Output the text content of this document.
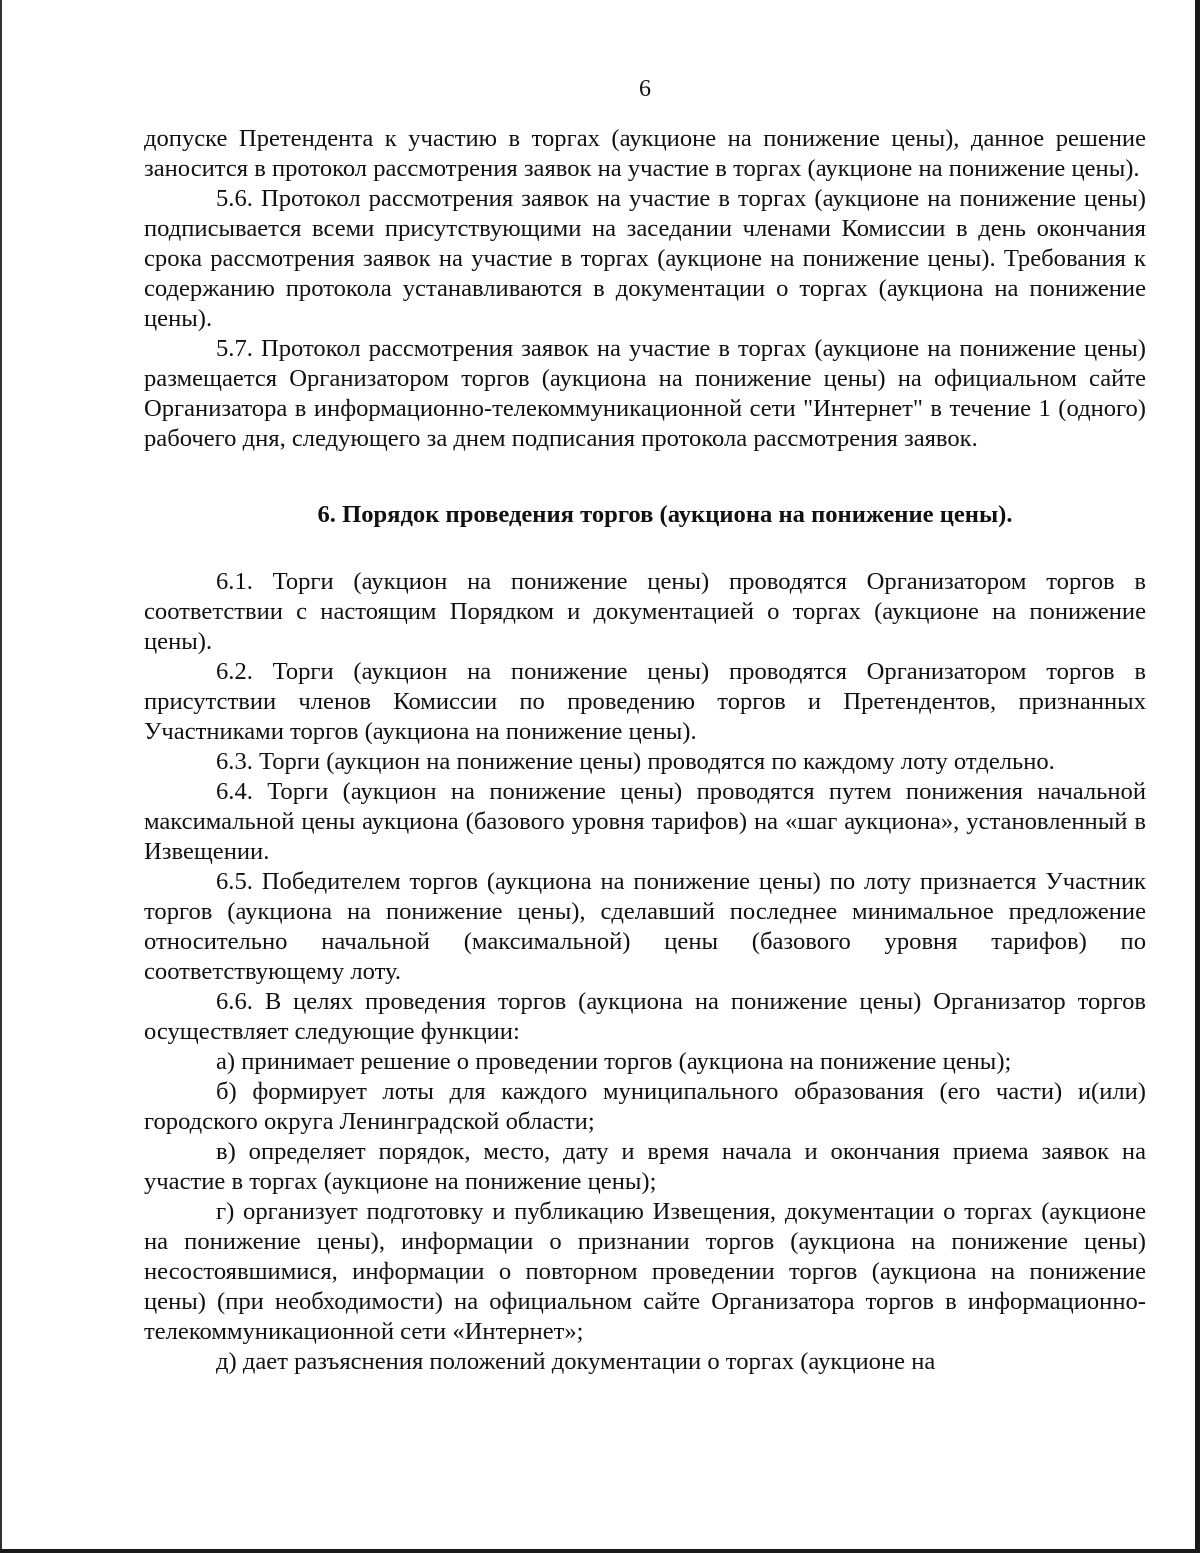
6

допуске Претендента к участию в торгах (аукционе на понижение цены), данное решение заносится в протокол рассмотрения заявок на участие в торгах (аукционе на понижение цены).

5.6. Протокол рассмотрения заявок на участие в торгах (аукционе на понижение цены) подписывается всеми присутствующими на заседании членами Комиссии в день окончания срока рассмотрения заявок на участие в торгах (аукционе на понижение цены). Требования к содержанию протокола устанавливаются в документации о торгах (аукциона на понижение цены).

5.7. Протокол рассмотрения заявок на участие в торгах (аукционе на понижение цены) размещается Организатором торгов (аукциона на понижение цены) на официальном сайте Организатора в информационно-телекоммуникационной сети "Интернет" в течение 1 (одного) рабочего дня, следующего за днем подписания протокола рассмотрения заявок.

6. Порядок проведения торгов (аукциона на понижение цены).

6.1. Торги (аукцион на понижение цены) проводятся Организатором торгов в соответствии с настоящим Порядком и документацией о торгах (аукционе на понижение цены).

6.2. Торги (аукцион на понижение цены) проводятся Организатором торгов в присутствии членов Комиссии по проведению торгов и Претендентов, признанных Участниками торгов (аукциона на понижение цены).

6.3. Торги (аукцион на понижение цены) проводятся по каждому лоту отдельно.

6.4. Торги (аукцион на понижение цены) проводятся путем понижения начальной максимальной цены аукциона (базового уровня тарифов) на «шаг аукциона», установленный в Извещении.

6.5. Победителем торгов (аукциона на понижение цены) по лоту признается Участник торгов (аукциона на понижение цены), сделавший последнее минимальное предложение относительно начальной (максимальной) цены (базового уровня тарифов) по соответствующему лоту.

6.6. В целях проведения торгов (аукциона на понижение цены) Организатор торгов осуществляет следующие функции:

а) принимает решение о проведении торгов (аукциона на понижение цены);

б) формирует лоты для каждого муниципального образования (его части) и(или) городского округа Ленинградской области;

в) определяет порядок, место, дату и время начала и окончания приема заявок на участие в торгах (аукционе на понижение цены);

г) организует подготовку и публикацию Извещения, документации о торгах (аукционе на понижение цены), информации о признании торгов (аукциона на понижение цены) несостоявшимися, информации о повторном проведении торгов (аукциона на понижение цены) (при необходимости) на официальном сайте Организатора торгов в информационно-телекоммуникационной сети «Интернет»;

д) дает разъяснения положений документации о торгах (аукционе на
